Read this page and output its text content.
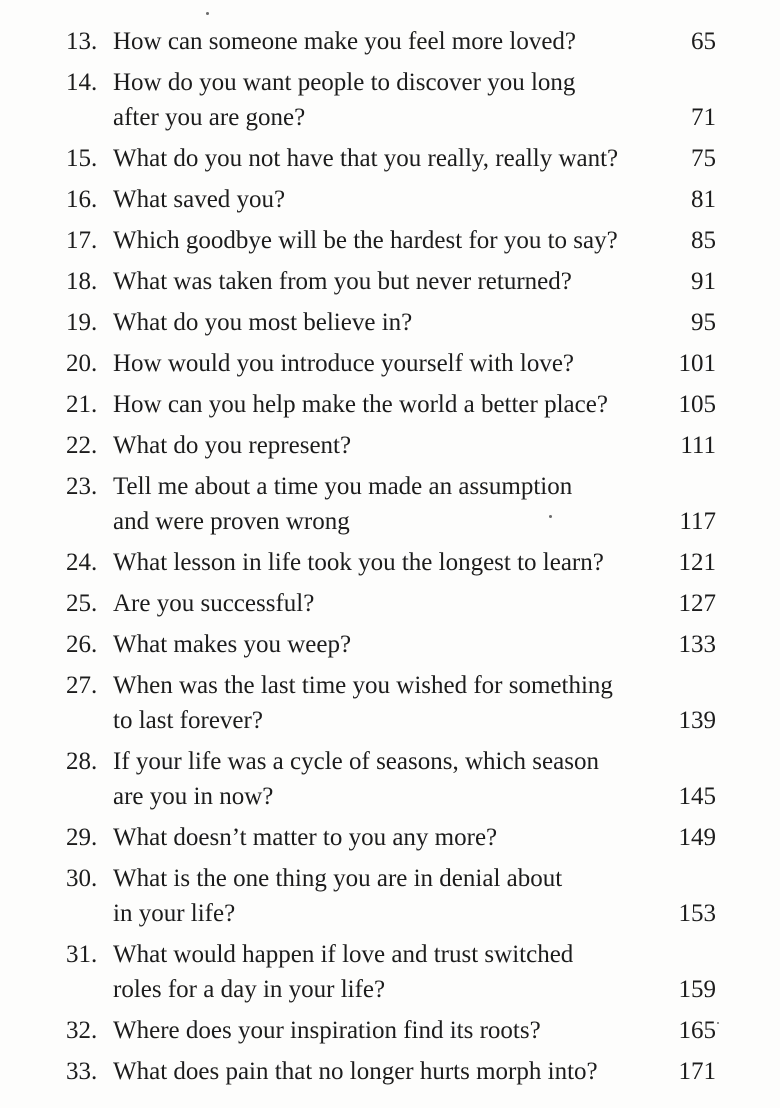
13. How can someone make you feel more loved?	65
14. How do you want people to discover you long
after you are gone?	71
15. What do you not have that you really, really want?	75
16. What saved you?	81
17. Which goodbye will be the hardest for you to say?	85
18. What was taken from you but never returned?	91
19. What do you most believe in?	95
20. How would you introduce yourself with love?	101
21. How can you help make the world a better place?	105
22. What do you represent?	111
23. Tell me about a time you made an assumption
and were proven wrong	117
24. What lesson in life took you the longest to learn?	121
25. Are you successful?	127
26. What makes you weep?	133
27. When was the last time you wished for something
to last forever?	139
28. If your life was a cycle of seasons, which season
are you in now?	145
29. What doesn’t matter to you any more?	149
30. What is the one thing you are in denial about
in your life?	153
31. What would happen if love and trust switched
roles for a day in your life?	159
32. Where does your inspiration find its roots?	165
33. What does pain that no longer hurts morph into?	171
